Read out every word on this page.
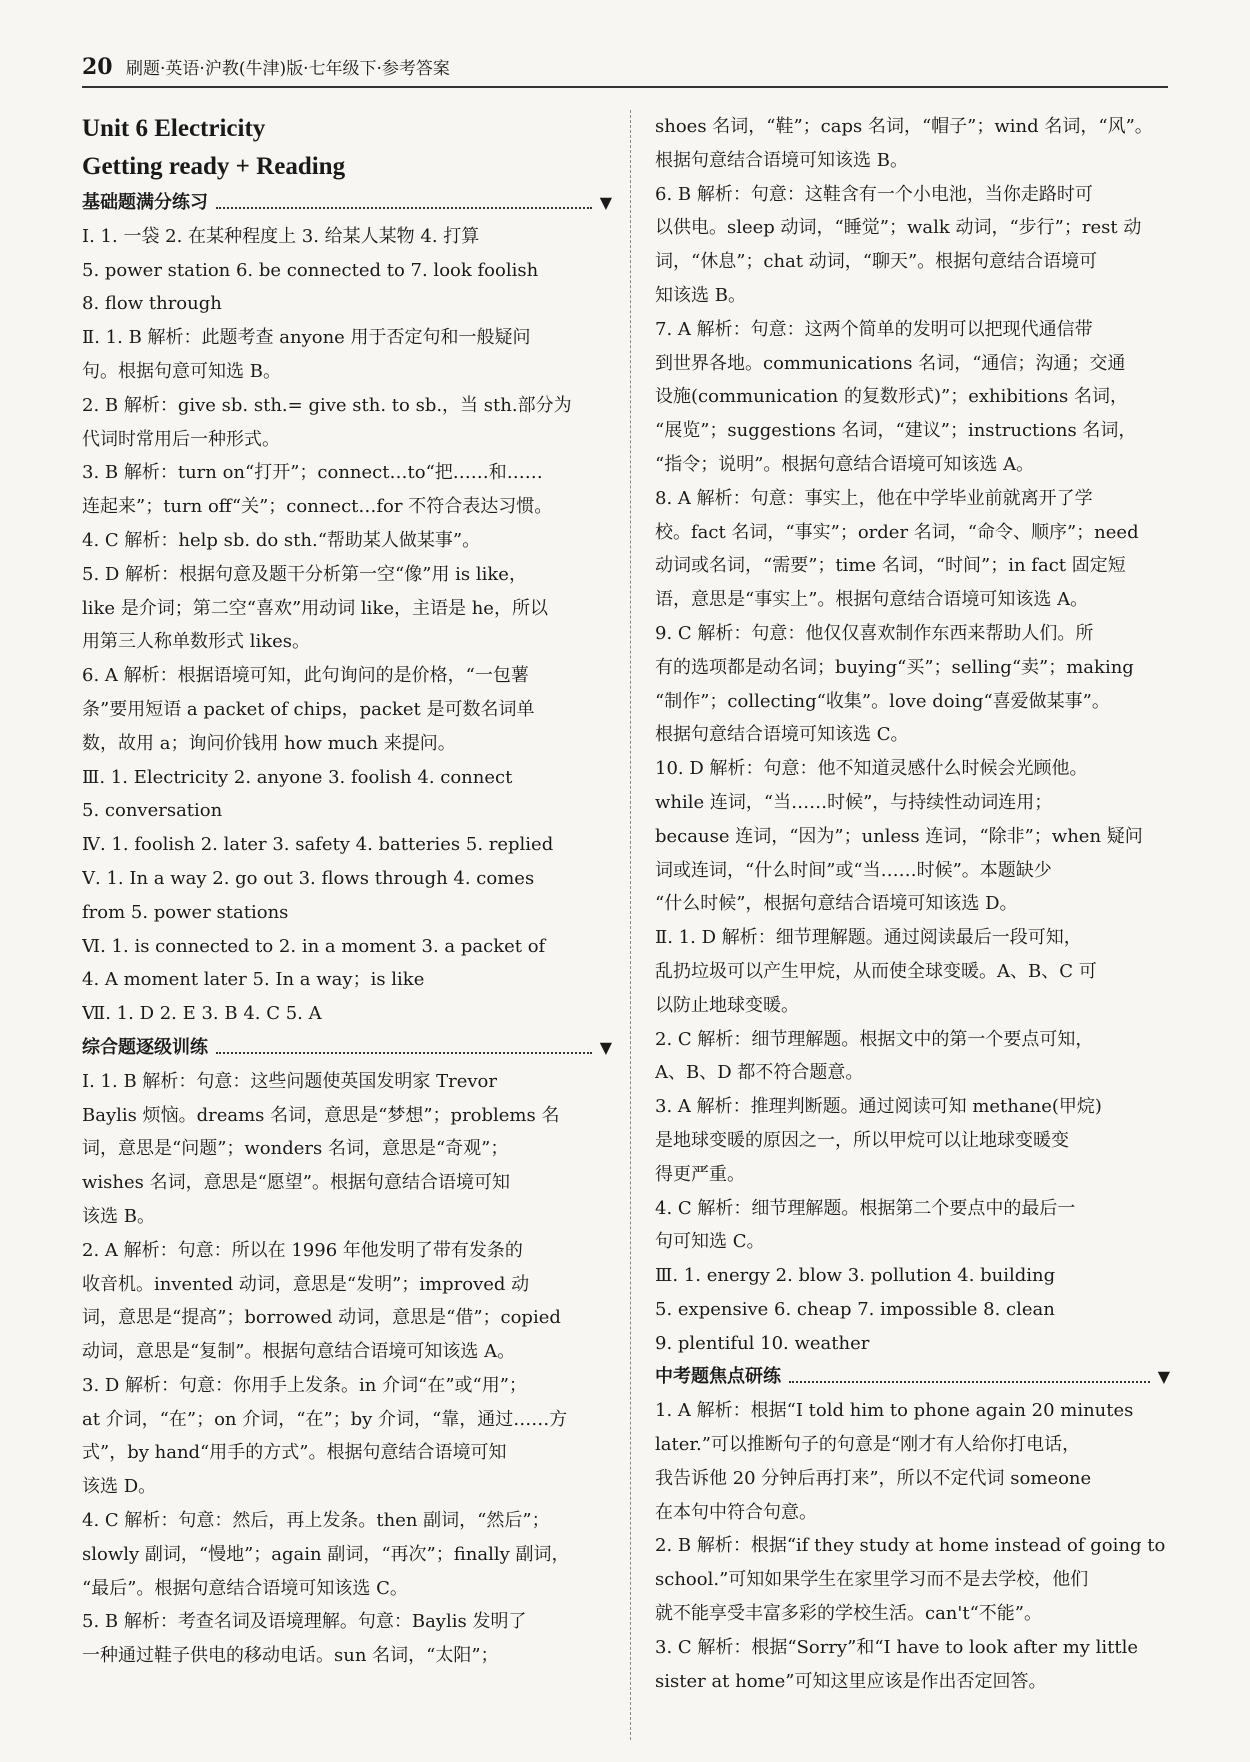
20 刷题·英语·沪教(牛津)版·七年级下·参考答案
Unit 6 Electricity
Getting ready + Reading
基础题满分练习	▼
Ⅰ. 1. 一袋 2. 在某种程度上 3. 给某人某物 4. 打算
5. power station 6. be connected to 7. look foolish
8. flow through
Ⅱ. 1. B 解析：此题考查 anyone 用于否定句和一般疑问
句。根据句意可知选 B。
2. B 解析：give sb. sth.= give sth. to sb.，当 sth.部分为
代词时常用后一种形式。
3. B 解析：turn on“打开”；connect…to“把……和……
连起来”；turn off“关”；connect…for 不符合表达习惯。
4. C 解析：help sb. do sth.“帮助某人做某事”。
5. D 解析：根据句意及题干分析第一空“像”用 is like，
like 是介词；第二空“喜欢”用动词 like，主语是 he，所以
用第三人称单数形式 likes。
6. A 解析：根据语境可知，此句询问的是价格，“一包薯
条”要用短语 a packet of chips，packet 是可数名词单
数，故用 a；询问价钱用 how much 来提问。
Ⅲ. 1. Electricity 2. anyone 3. foolish 4. connect
5. conversation
Ⅳ. 1. foolish 2. later 3. safety 4. batteries 5. replied
Ⅴ. 1. In a way 2. go out 3. flows through 4. comes
from 5. power stations
Ⅵ. 1. is connected to 2. in a moment 3. a packet of
4. A moment later 5. In a way；is like
Ⅶ. 1. D 2. E 3. B 4. C 5. A
综合题逐级训练	▼
Ⅰ. 1. B 解析：句意：这些问题使英国发明家 Trevor
Baylis 烦恼。dreams 名词，意思是“梦想”；problems 名
词，意思是“问题”；wonders 名词，意思是“奇观”；
wishes 名词，意思是“愿望”。根据句意结合语境可知
该选 B。
2. A 解析：句意：所以在 1996 年他发明了带有发条的
收音机。invented 动词，意思是“发明”；improved 动
词，意思是“提高”；borrowed 动词，意思是“借”；copied
动词，意思是“复制”。根据句意结合语境可知该选 A。
3. D 解析：句意：你用手上发条。in 介词“在”或“用”；
at 介词，“在”；on 介词，“在”；by 介词，“靠，通过……方
式”，by hand“用手的方式”。根据句意结合语境可知
该选 D。
4. C 解析：句意：然后，再上发条。then 副词，“然后”；
slowly 副词，“慢地”；again 副词，“再次”；finally 副词，
“最后”。根据句意结合语境可知该选 C。
5. B 解析：考查名词及语境理解。句意：Baylis 发明了
一种通过鞋子供电的移动电话。sun 名词，“太阳”；
shoes 名词，“鞋”；caps 名词，“帽子”；wind 名词，“风”。
根据句意结合语境可知该选 B。
6. B 解析：句意：这鞋含有一个小电池，当你走路时可
以供电。sleep 动词，“睡觉”；walk 动词，“步行”；rest 动
词，“休息”；chat 动词，“聊天”。根据句意结合语境可
知该选 B。
7. A 解析：句意：这两个简单的发明可以把现代通信带
到世界各地。communications 名词，“通信；沟通；交通
设施(communication 的复数形式)”；exhibitions 名词，
“展览”；suggestions 名词，“建议”；instructions 名词，
“指令；说明”。根据句意结合语境可知该选 A。
8. A 解析：句意：事实上，他在中学毕业前就离开了学
校。fact 名词，“事实”；order 名词，“命令、顺序”；need
动词或名词，“需要”；time 名词，“时间”；in fact 固定短
语，意思是“事实上”。根据句意结合语境可知该选 A。
9. C 解析：句意：他仅仅喜欢制作东西来帮助人们。所
有的选项都是动名词；buying“买”；selling“卖”；making
“制作”；collecting“收集”。love doing“喜爱做某事”。
根据句意结合语境可知该选 C。
10. D 解析：句意：他不知道灵感什么时候会光顾他。
while 连词，“当……时候”，与持续性动词连用；
because 连词，“因为”；unless 连词，“除非”；when 疑问
词或连词，“什么时间”或“当……时候”。本题缺少
“什么时候”，根据句意结合语境可知该选 D。
Ⅱ. 1. D 解析：细节理解题。通过阅读最后一段可知，
乱扔垃圾可以产生甲烷，从而使全球变暖。A、B、C 可
以防止地球变暖。
2. C 解析：细节理解题。根据文中的第一个要点可知，
A、B、D 都不符合题意。
3. A 解析：推理判断题。通过阅读可知 methane(甲烷)
是地球变暖的原因之一，所以甲烷可以让地球变暖变
得更严重。
4. C 解析：细节理解题。根据第二个要点中的最后一
句可知选 C。
Ⅲ. 1. energy 2. blow 3. pollution 4. building
5. expensive 6. cheap 7. impossible 8. clean
9. plentiful 10. weather
中考题焦点研练	▼
1. A 解析：根据“I told him to phone again 20 minutes
later.”可以推断句子的句意是“刚才有人给你打电话，
我告诉他 20 分钟后再打来”，所以不定代词 someone
在本句中符合句意。
2. B 解析：根据“if they study at home instead of going to
school.”可知如果学生在家里学习而不是去学校，他们
就不能享受丰富多彩的学校生活。can't“不能”。
3. C 解析：根据“Sorry”和“I have to look after my little
sister at home”可知这里应该是作出否定回答。
